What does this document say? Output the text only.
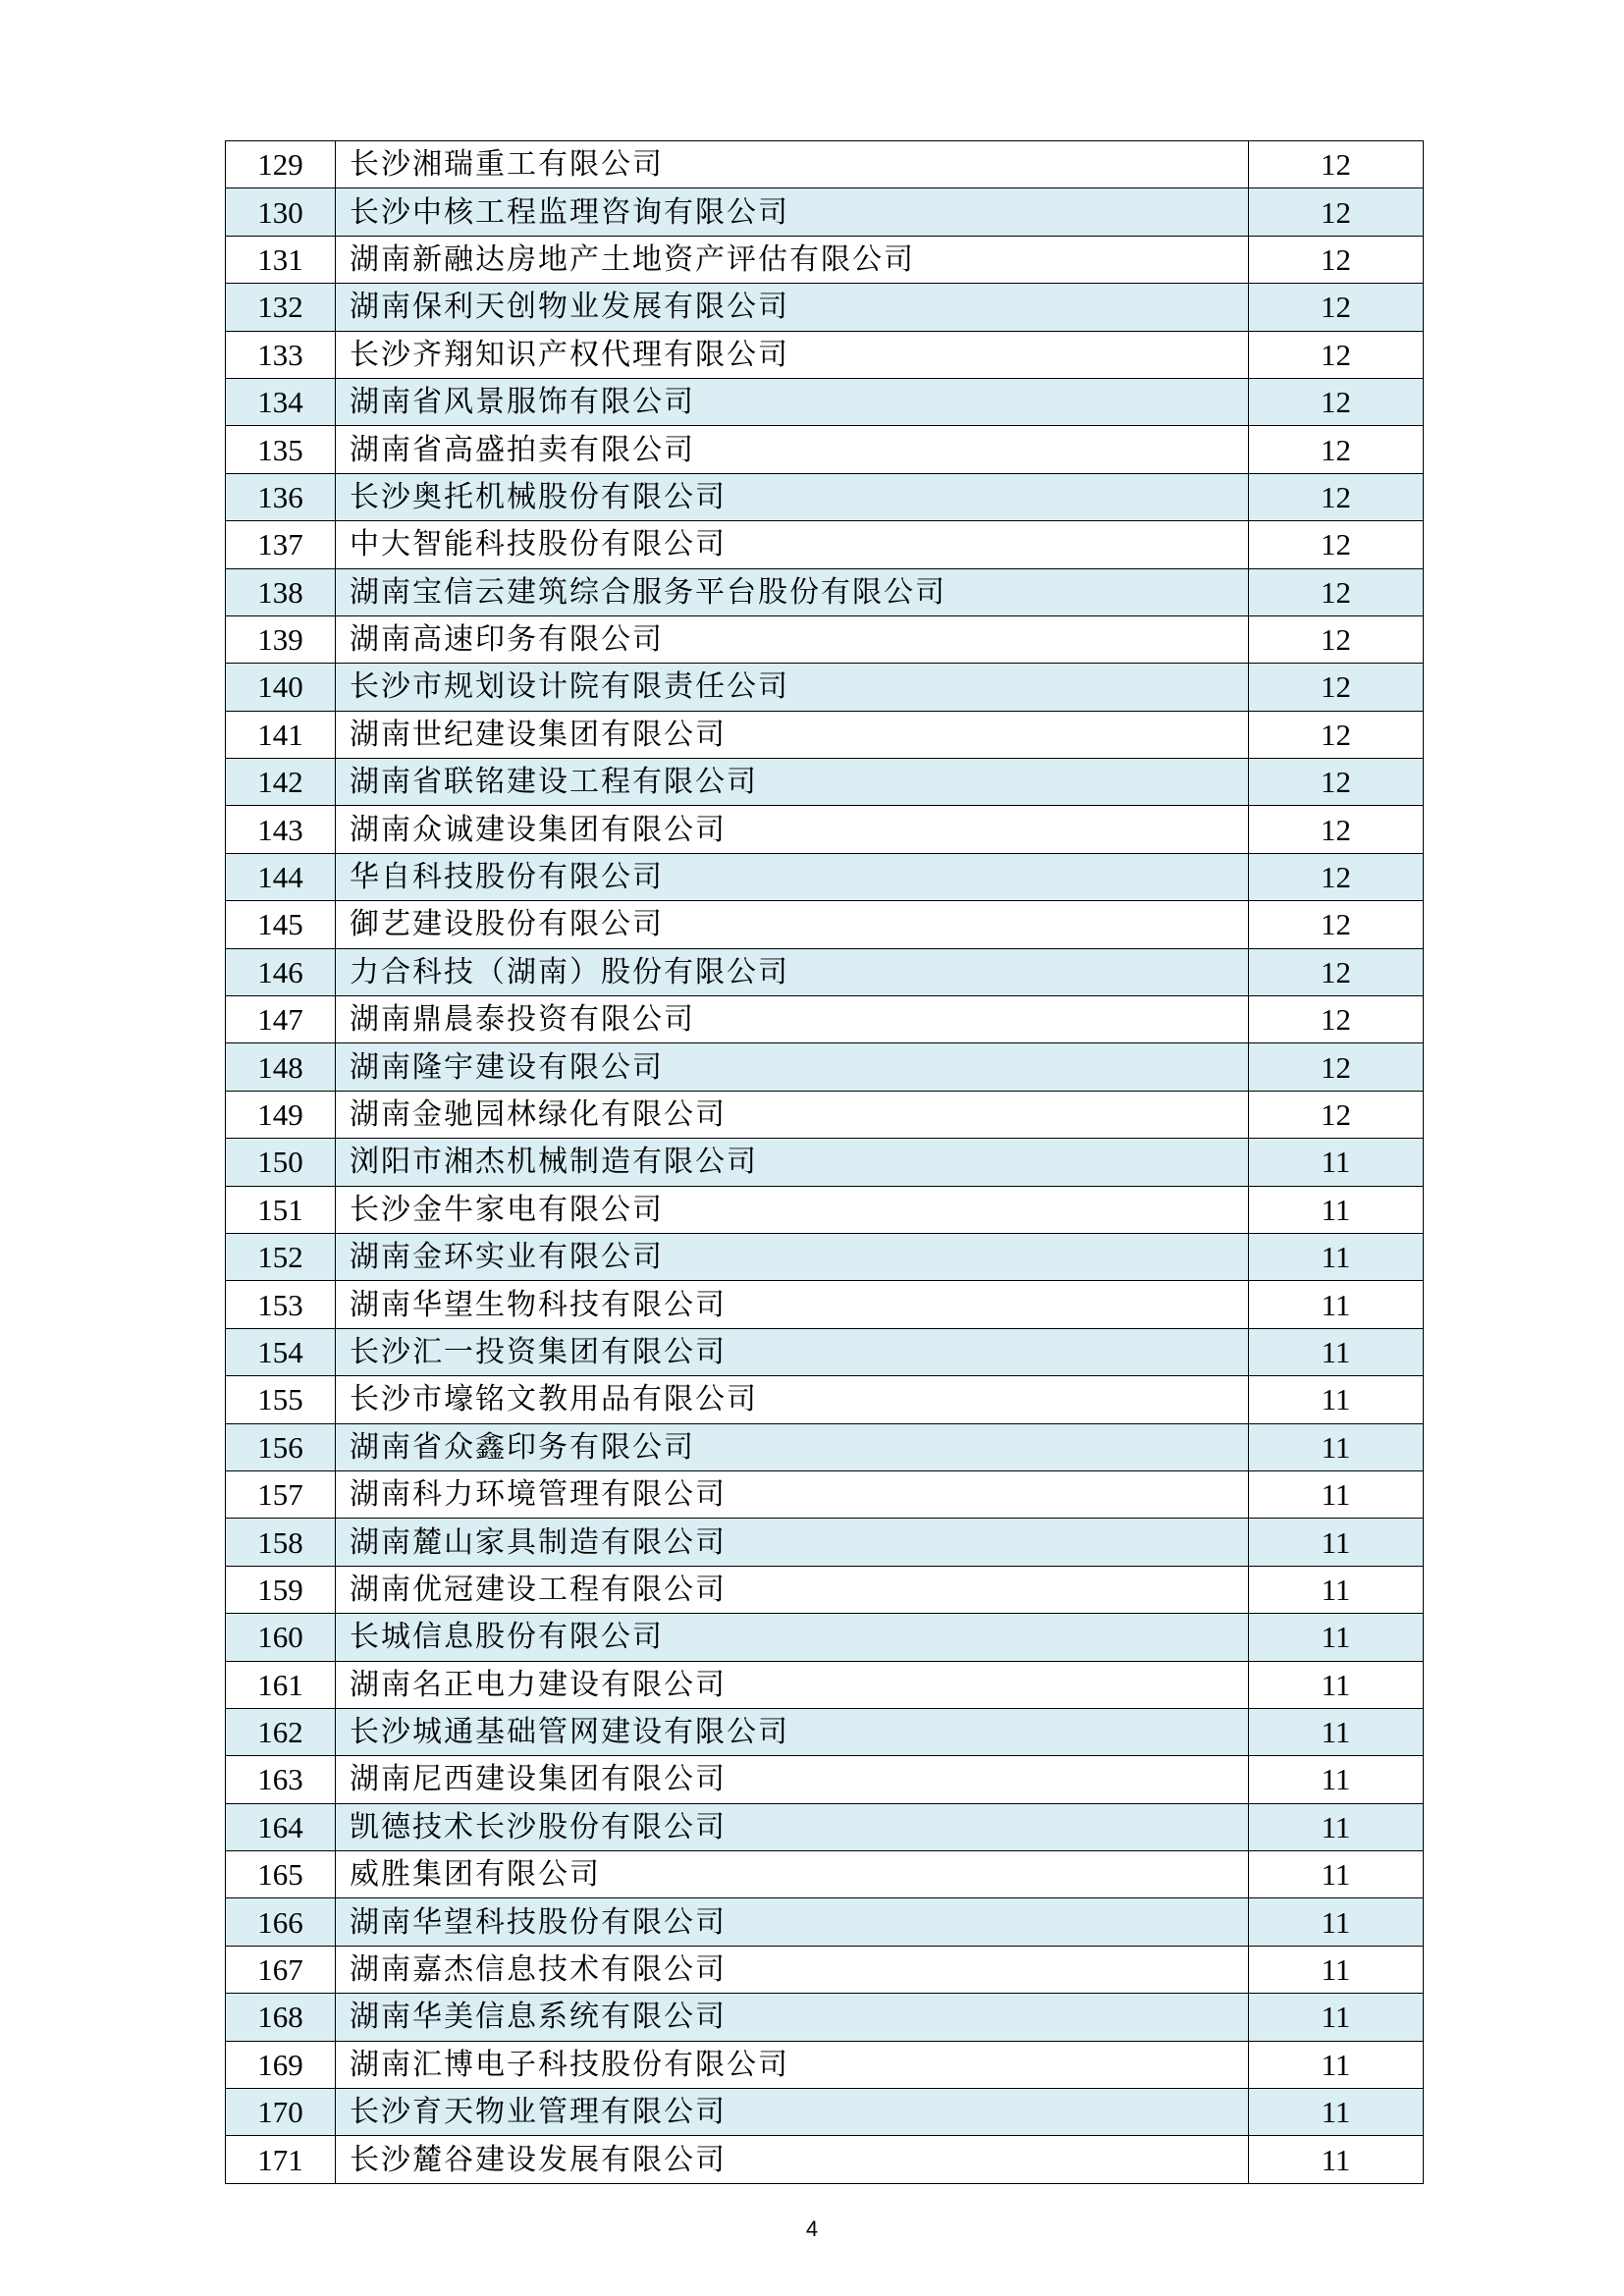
129	长沙湘瑞重工有限公司	12
130	长沙中核工程监理咨询有限公司	12
131	湖南新融达房地产土地资产评估有限公司	12
132	湖南保利天创物业发展有限公司	12
133	长沙齐翔知识产权代理有限公司	12
134	湖南省风景服饰有限公司	12
135	湖南省高盛拍卖有限公司	12
136	长沙奥托机械股份有限公司	12
137	中大智能科技股份有限公司	12
138	湖南宝信云建筑综合服务平台股份有限公司	12
139	湖南高速印务有限公司	12
140	长沙市规划设计院有限责任公司	12
141	湖南世纪建设集团有限公司	12
142	湖南省联铭建设工程有限公司	12
143	湖南众诚建设集团有限公司	12
144	华自科技股份有限公司	12
145	御艺建设股份有限公司	12
146	力合科技（湖南）股份有限公司	12
147	湖南鼎晨泰投资有限公司	12
148	湖南隆宇建设有限公司	12
149	湖南金驰园林绿化有限公司	12
150	浏阳市湘杰机械制造有限公司	11
151	长沙金牛家电有限公司	11
152	湖南金环实业有限公司	11
153	湖南华望生物科技有限公司	11
154	长沙汇一投资集团有限公司	11
155	长沙市壕铭文教用品有限公司	11
156	湖南省众鑫印务有限公司	11
157	湖南科力环境管理有限公司	11
158	湖南麓山家具制造有限公司	11
159	湖南优冠建设工程有限公司	11
160	长城信息股份有限公司	11
161	湖南名正电力建设有限公司	11
162	长沙城通基础管网建设有限公司	11
163	湖南尼西建设集团有限公司	11
164	凯德技术长沙股份有限公司	11
165	威胜集团有限公司	11
166	湖南华望科技股份有限公司	11
167	湖南嘉杰信息技术有限公司	11
168	湖南华美信息系统有限公司	11
169	湖南汇博电子科技股份有限公司	11
170	长沙育天物业管理有限公司	11
171	长沙麓谷建设发展有限公司	11
4
